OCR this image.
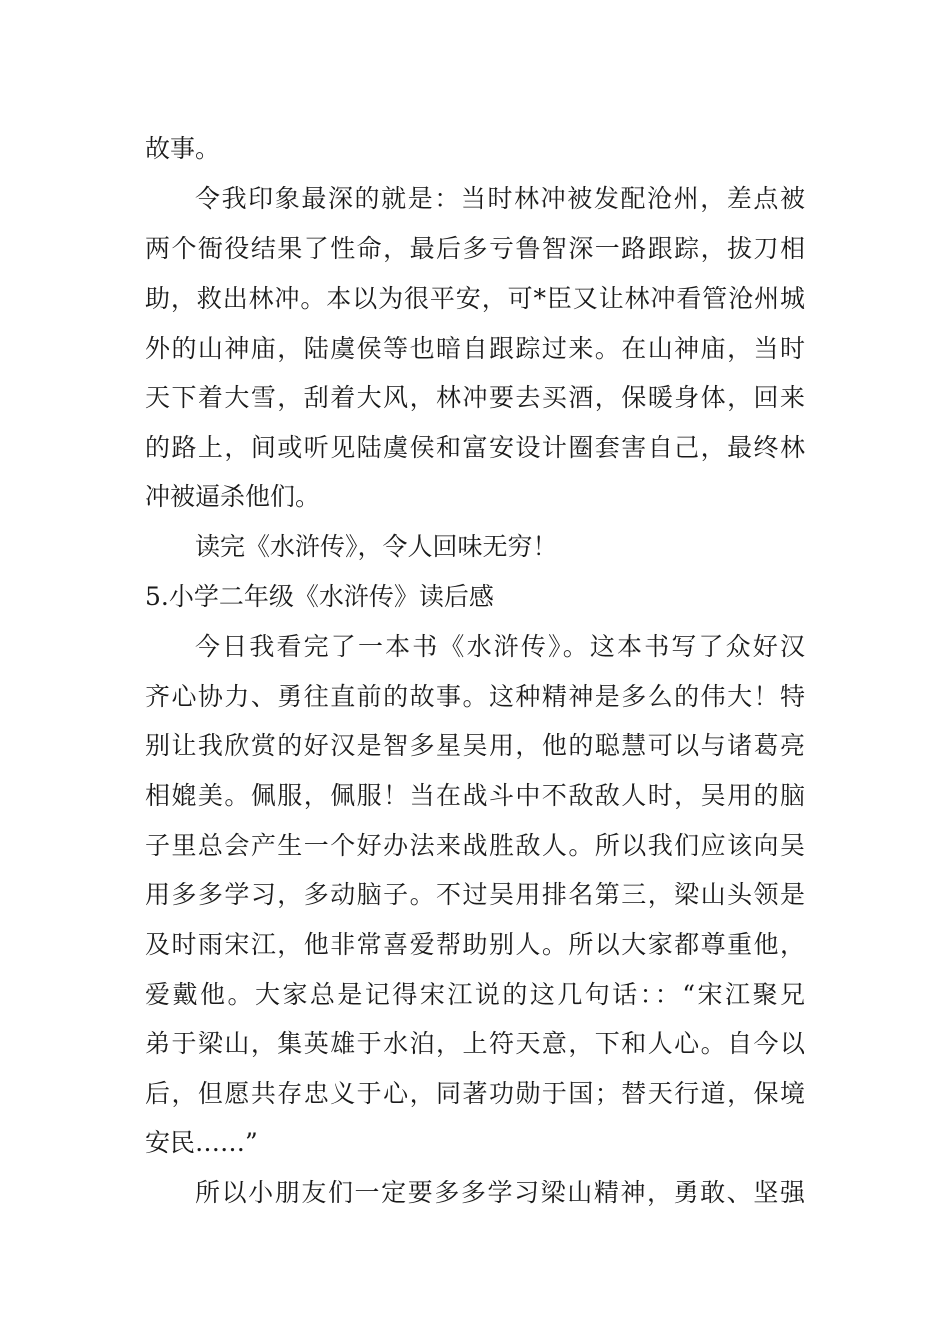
故事。
令我印象最深的就是：当时林冲被发配沧州，差点被
两个衙役结果了性命，最后多亏鲁智深一路跟踪，拔刀相
助，救出林冲。本以为很平安，可*臣又让林冲看管沧州城
外的山神庙，陆虞侯等也暗自跟踪过来。在山神庙，当时
天下着大雪，刮着大风，林冲要去买酒，保暖身体，回来
的路上，间或听见陆虞侯和富安设计圈套害自己，最终林
冲被逼杀他们。
读完《水浒传》，令人回味无穷！
5.小学二年级《水浒传》读后感
今日我看完了一本书《水浒传》。这本书写了众好汉
齐心协力、勇往直前的故事。这种精神是多么的伟大！特
别让我欣赏的好汉是智多星吴用，他的聪慧可以与诸葛亮
相媲美。佩服，佩服！当在战斗中不敌敌人时，吴用的脑
子里总会产生一个好办法来战胜敌人。所以我们应该向吴
用多多学习，多动脑子。不过吴用排名第三，梁山头领是
及时雨宋江，他非常喜爱帮助别人。所以大家都尊重他，
爱戴他。大家总是记得宋江说的这几句话：：“宋江聚兄
弟于梁山，集英雄于水泊，上符天意，下和人心。自今以
后，但愿共存忠义于心，同著功勋于国；替天行道，保境
安民……”
所以小朋友们一定要多多学习梁山精神，勇敢、坚强
